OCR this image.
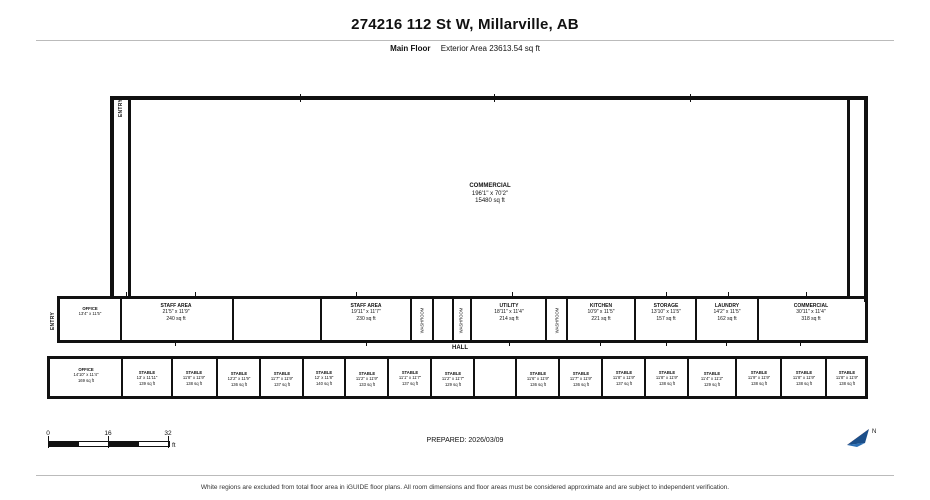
274216 112 St W, Millarville, AB
Main Floor Exterior Area 23613.54 sq ft
COMMERCIAL
196'1" x 70'2"
15480 sq ft
ENTRY
ENTRY
OFFICE
13'4" x 11'5"
STAFF AREA
21'5" x 11'9"
240 sq ft
STAFF AREA
19'11" x 11'7"
230 sq ft	WASHROOM	WASHROOM
UTILITY
18'11" x 11'4"
214 sq ft	WASHROOM
KITCHEN
10'9" x 11'5"
221 sq ft
STORAGE
13'10" x 11'5"
157 sq ft
LAUNDRY
14'2" x 11'5"
162 sq ft
COMMERCIAL
30'11" x 11'4"
318 sq ft
HALL
OFFICE
14'10" x 11'4"
169 sq ft
STABLE
13' x 11'11"
139 sq ft
STABLE
11'8" x 11'9"
138 sq ft
STABLE
12'2" x 11'9"
136 sq ft
STABLE
11'7" x 11'9"
137 sq ft
STABLE
12' x 11'8"
140 sq ft
STABLE
11'2" x 11'9"
133 sq ft
STABLE
11'1" x 11'7"
137 sq ft
STABLE
11'2" x 11'7"
129 sq ft
STABLE
11'6" x 11'9"
136 sq ft
STABLE
11'7" x 11'9"
136 sq ft
STABLE
11'8" x 11'9"
137 sq ft
STABLE
11'8" x 11'9"
138 sq ft
STABLE
11'4" x 11'2"
129 sq ft
STABLE
11'9" x 11'9"
138 sq ft
STABLE
11'8" x 11'9"
138 sq ft
STABLE
11'8" x 11'9"
138 sq ft
0	16	32
ft
N
PREPARED: 2026/03/09
White regions are excluded from total floor area in iGUIDE floor plans. All room dimensions and floor areas must be considered approximate and are subject to independent verification.
